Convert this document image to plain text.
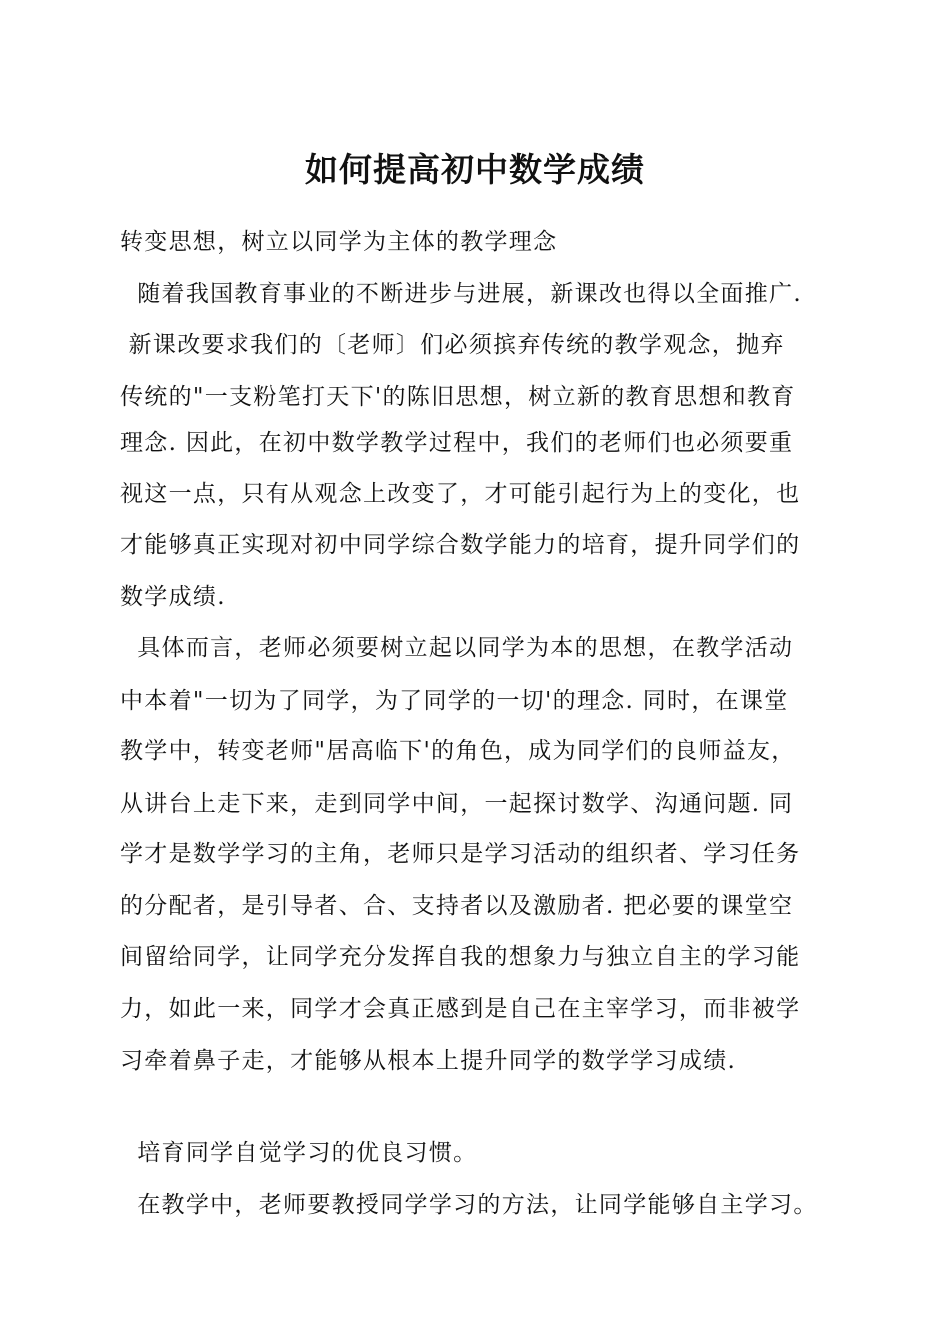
如何提高初中数学成绩
转变思想，树立以同学为主体的教学理念
随着我国教育事业的不断进步与进展，新课改也得以全面推广.
新课改要求我们的〔老师〕们必须摈弃传统的教学观念，抛弃
传统的"一支粉笔打天下'的陈旧思想，树立新的教育思想和教育
理念. 因此，在初中数学教学过程中，我们的老师们也必须要重
视这一点，只有从观念上改变了，才可能引起行为上的变化，也
才能够真正实现对初中同学综合数学能力的培育，提升同学们的
数学成绩.
具体而言，老师必须要树立起以同学为本的思想，在教学活动
中本着"一切为了同学，为了同学的一切'的理念. 同时，在课堂
教学中，转变老师"居高临下'的角色，成为同学们的良师益友，
从讲台上走下来，走到同学中间，一起探讨数学、沟通问题. 同
学才是数学学习的主角，老师只是学习活动的组织者、学习任务
的分配者，是引导者、合、支持者以及激励者. 把必要的课堂空
间留给同学，让同学充分发挥自我的想象力与独立自主的学习能
力，如此一来，同学才会真正感到是自己在主宰学习，而非被学
习牵着鼻子走，才能够从根本上提升同学的数学学习成绩.
培育同学自觉学习的优良习惯。
在教学中，老师要教授同学学习的方法，让同学能够自主学习。
